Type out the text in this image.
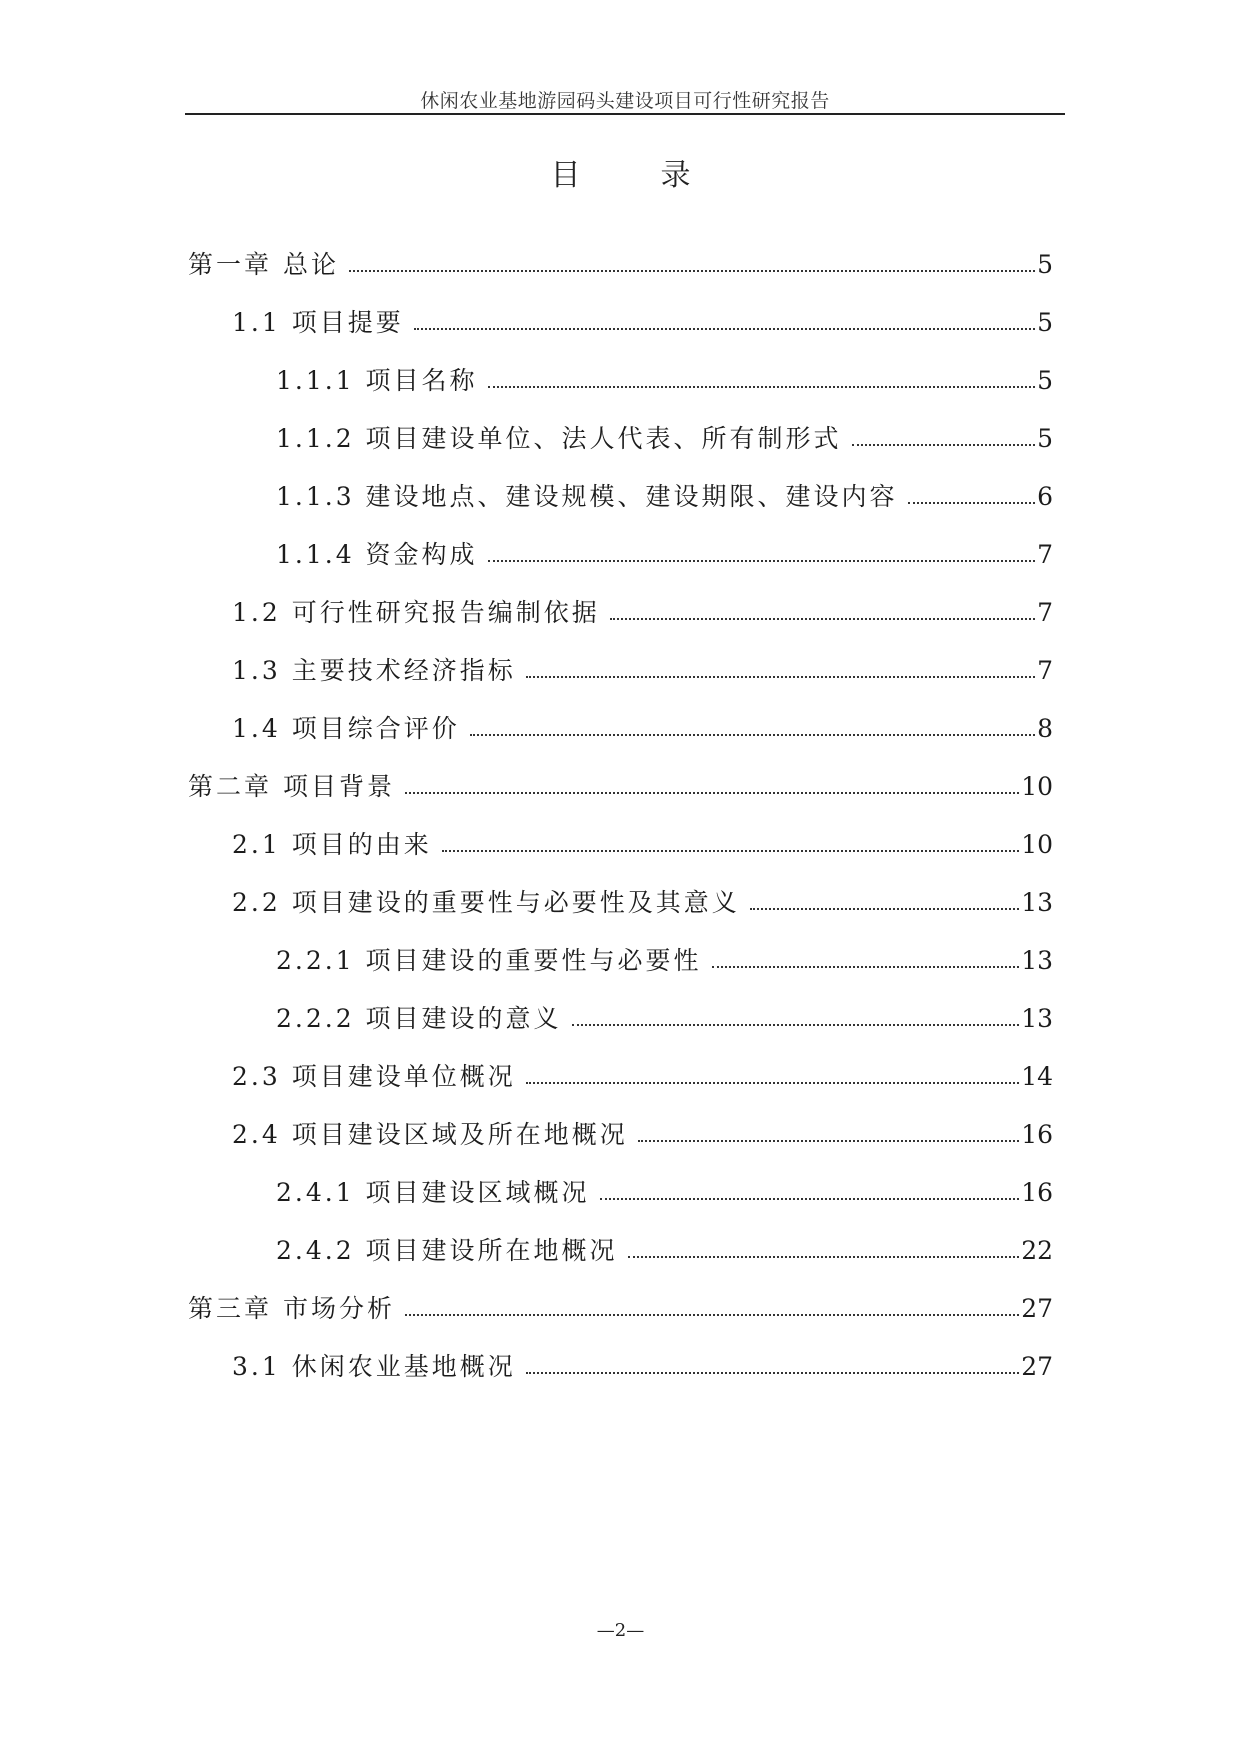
休闲农业基地游园码头建设项目可行性研究报告
目	录
第一章 总论	5
1.1 项目提要	5
1.1.1 项目名称	5
1.1.2 项目建设单位、法人代表、所有制形式	5
1.1.3 建设地点、建设规模、建设期限、建设内容	6
1.1.4 资金构成	7
1.2 可行性研究报告编制依据	7
1.3 主要技术经济指标	7
1.4 项目综合评价	8
第二章 项目背景	10
2.1 项目的由来	10
2.2 项目建设的重要性与必要性及其意义	13
2.2.1 项目建设的重要性与必要性	13
2.2.2 项目建设的意义	13
2.3 项目建设单位概况	14
2.4 项目建设区域及所在地概况	16
2.4.1 项目建设区域概况	16
2.4.2 项目建设所在地概况	22
第三章 市场分析	27
3.1 休闲农业基地概况	27
—2—
